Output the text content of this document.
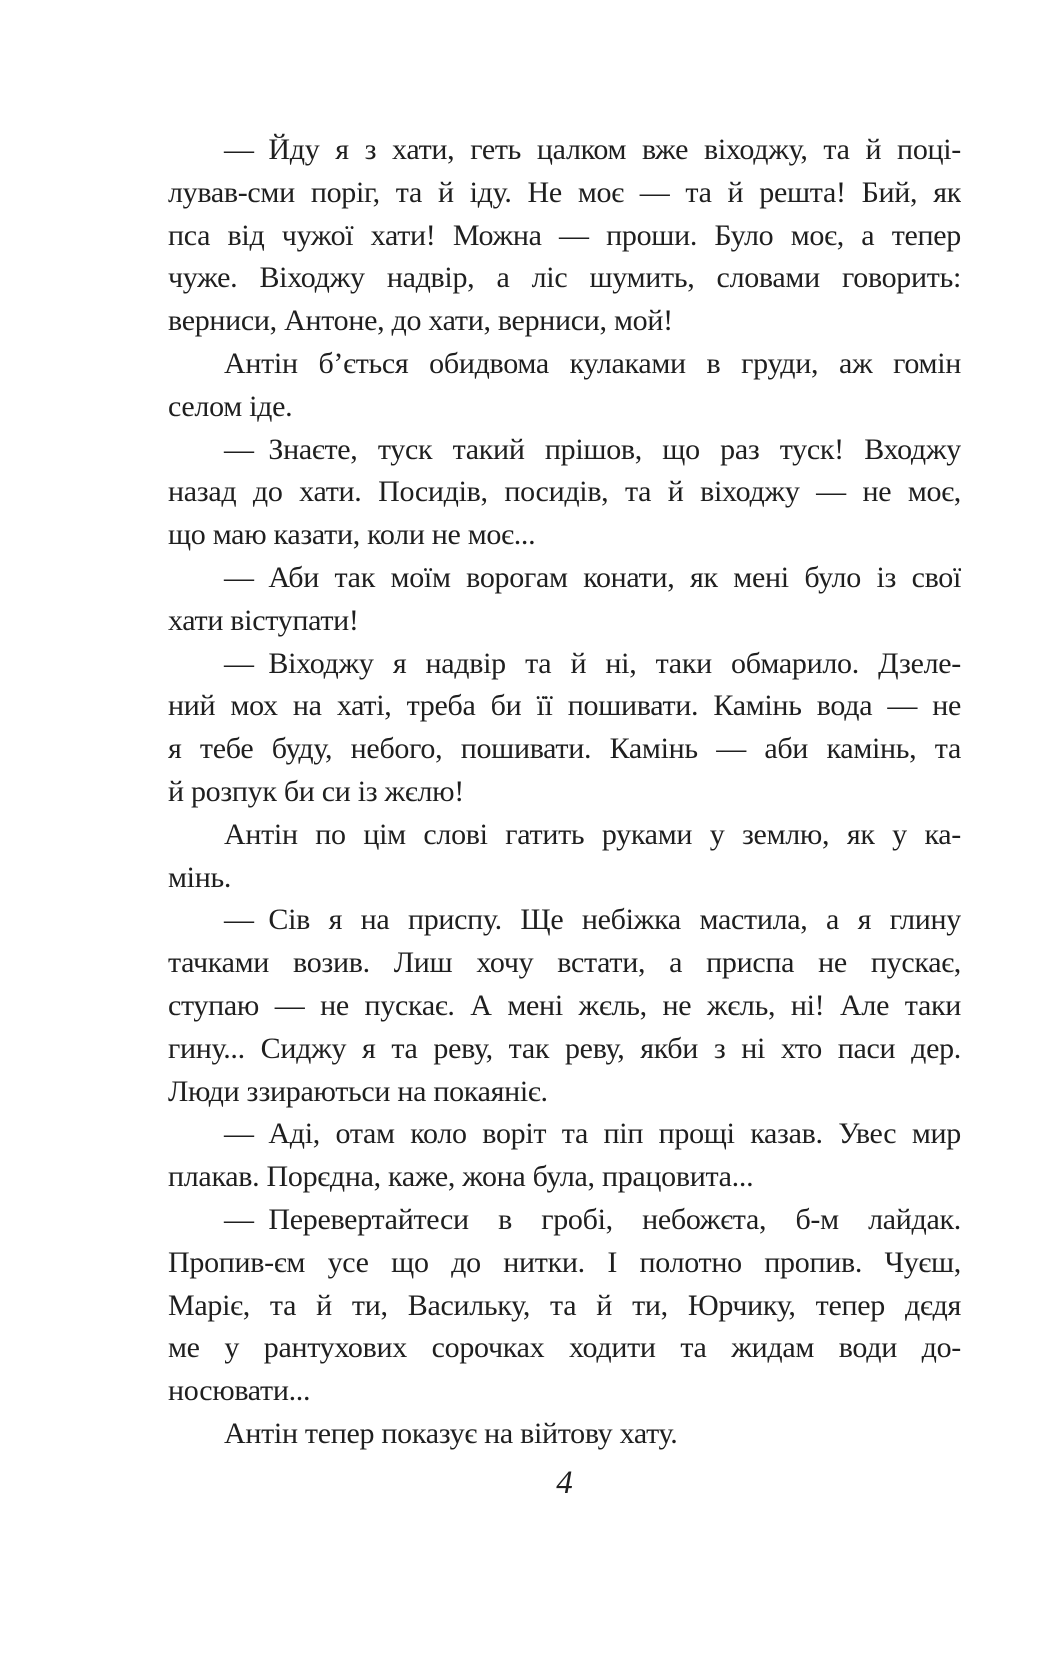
— Йду я з хати, геть цалком вже віходжу, та й поці-
лував-сми поріг, та й іду. Не моє — та й решта! Бий, як
пса від чужої хати! Можна — проши. Було моє, а тепер
чуже. Віходжу надвір, а ліс шумить, словами говорить:
верниси, Антоне, до хати, верниси, мой!
Антін б’ється обидвома кулаками в груди, аж гомін
селом іде.
— Знаєте, туск такий прішов, що раз туск! Входжу
назад до хати. Посидів, посидів, та й віходжу — не моє,
що маю казати, коли не моє...
— Аби так моїм ворогам конати, як мені було із свої
хати віступати!
— Віходжу я надвір та й ні, таки обмарило. Дзеле-
ний мох на хаті, треба би її пошивати. Камінь вода — не
я тебе буду, небого, пошивати. Камінь — аби камінь, та
й розпук би си із жєлю!
Антін по цім слові гатить руками у землю, як у ка-
мінь.
— Сів я на приспу. Ще небіжка мастила, а я глину
тачками возив. Лиш хочу встати, а приспа не пускає,
ступаю — не пускає. А мені жєль, не жєль, ні! Але таки
гину... Сиджу я та реву, так реву, якби з ні хто паси дер.
Люди ззираютьси на покаяніє.
— Аді, отам коло воріт та піп прощі казав. Увес мир
плакав. Порєдна, каже, жона була, працовита...
— Перевертайтеси в гробі, небожєта, б-м лайдак.
Пропив-єм усе що до нитки. І полотно пропив. Чуєш,
Маріє, та й ти, Васильку, та й ти, Юрчику, тепер дєдя
ме у рантухових сорочках ходити та жидам води до-
носювати...
Антін тепер показує на війтову хату.
4
